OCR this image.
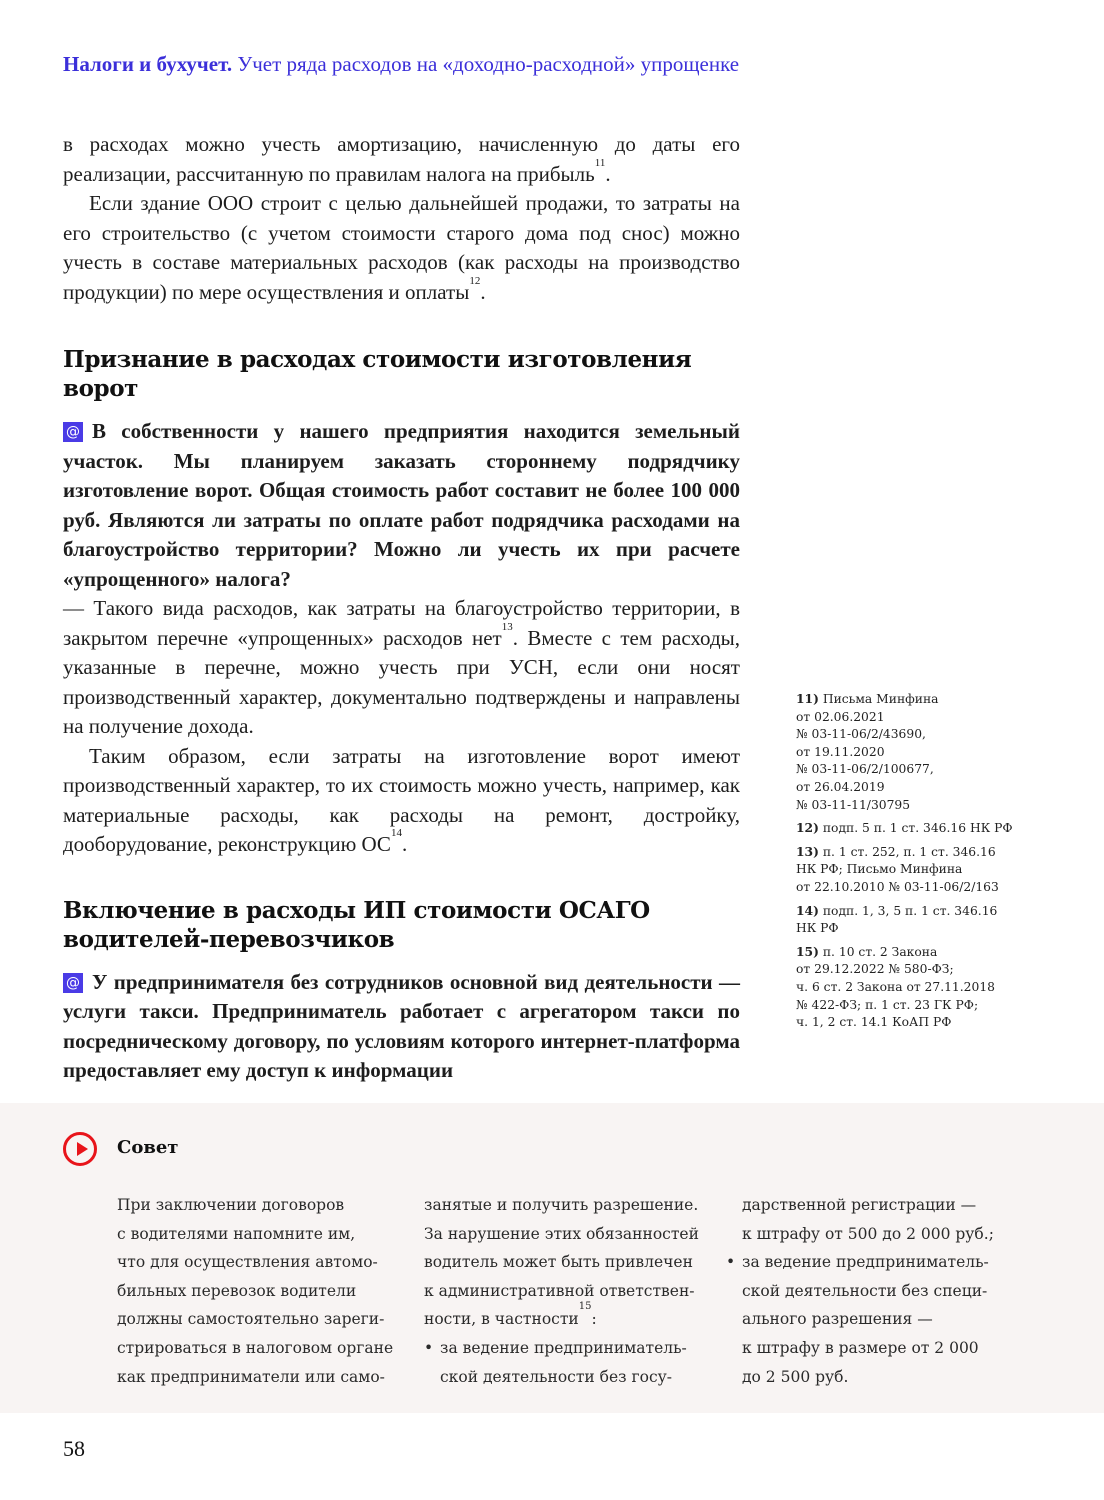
Налоги и бухучет. Учет ряда расходов на «доходно-расходной» упрощенке

в расходах можно учесть амортизацию, начисленную до даты его реализации, рассчитанную по правилам налога на прибыль$^{11}$.

Если здание ООО строит с целью дальнейшей продажи, то затраты на его строительство (с учетом стоимости старого дома под снос) можно учесть в составе материальных расходов (как расходы на производство продукции) по мере осуществления и оплаты$^{12}$.

Признание в расходах стоимости изготовления ворот

@ В собственности у нашего предприятия находится земельный участок. Мы планируем заказать стороннему подрядчику изготовление ворот. Общая стоимость работ составит не более 100 000 руб. Являются ли затраты по оплате работ подрядчика расходами на благоустройство территории? Можно ли учесть их при расчете «упрощенного» налога?

— Такого вида расходов, как затраты на благоустройство территории, в закрытом перечне «упрощенных» расходов нет$^{13}$. Вместе с тем расходы, указанные в перечне, можно учесть при УСН, если они носят производственный характер, документально подтверждены и направлены на получение дохода.

Таким образом, если затраты на изготовление ворот имеют производственный характер, то их стоимость можно учесть, например, как материальные расходы, как расходы на ремонт, достройку, дооборудование, реконструкцию ОС$^{14}$.

Включение в расходы ИП стоимости ОСАГО водителей-перевозчиков

@ У предпринимателя без сотрудников основной вид деятельности — услуги такси. Предприниматель работает с агрегатором такси по посредническому договору, по условиям которого интернет-платформа предоставляет ему доступ к информации

11) Письма Минфина
от 02.06.2021
№ 03-11-06/2/43690,
от 19.11.2020
№ 03-11-06/2/100677,
от 26.04.2019
№ 03-11-11/30795
12) подп. 5 п. 1 ст. 346.16 НК РФ
13) п. 1 ст. 252, п. 1 ст. 346.16
НК РФ; Письмо Минфина
от 22.10.2010 № 03-11-06/2/163
14) подп. 1, 3, 5 п. 1 ст. 346.16
НК РФ
15) п. 10 ст. 2 Закона
от 29.12.2022 № 580-ФЗ;
ч. 6 ст. 2 Закона от 27.11.2018
№ 422-ФЗ; п. 1 ст. 23 ГК РФ;
ч. 1, 2 ст. 14.1 КоАП РФ
Совет
При заключении договоров
с водителями напомните им,
что для осуществления автомо-
бильных перевозок водители
должны самостоятельно зареги-
стрироваться в налоговом органе
как предприниматели или само-
занятые и получить разрешение.
За нарушение этих обязанностей
водитель может быть привлечен
к административной ответствен-
ности, в частности$^{15}$:
• за ведение предприниматель-
ской деятельности без госу-
дарственной регистрации —
к штрафу от 500 до 2 000 руб.;
• за ведение предприниматель-
ской деятельности без специ-
ального разрешения —
к штрафу в размере от 2 000
до 2 500 руб.
58
